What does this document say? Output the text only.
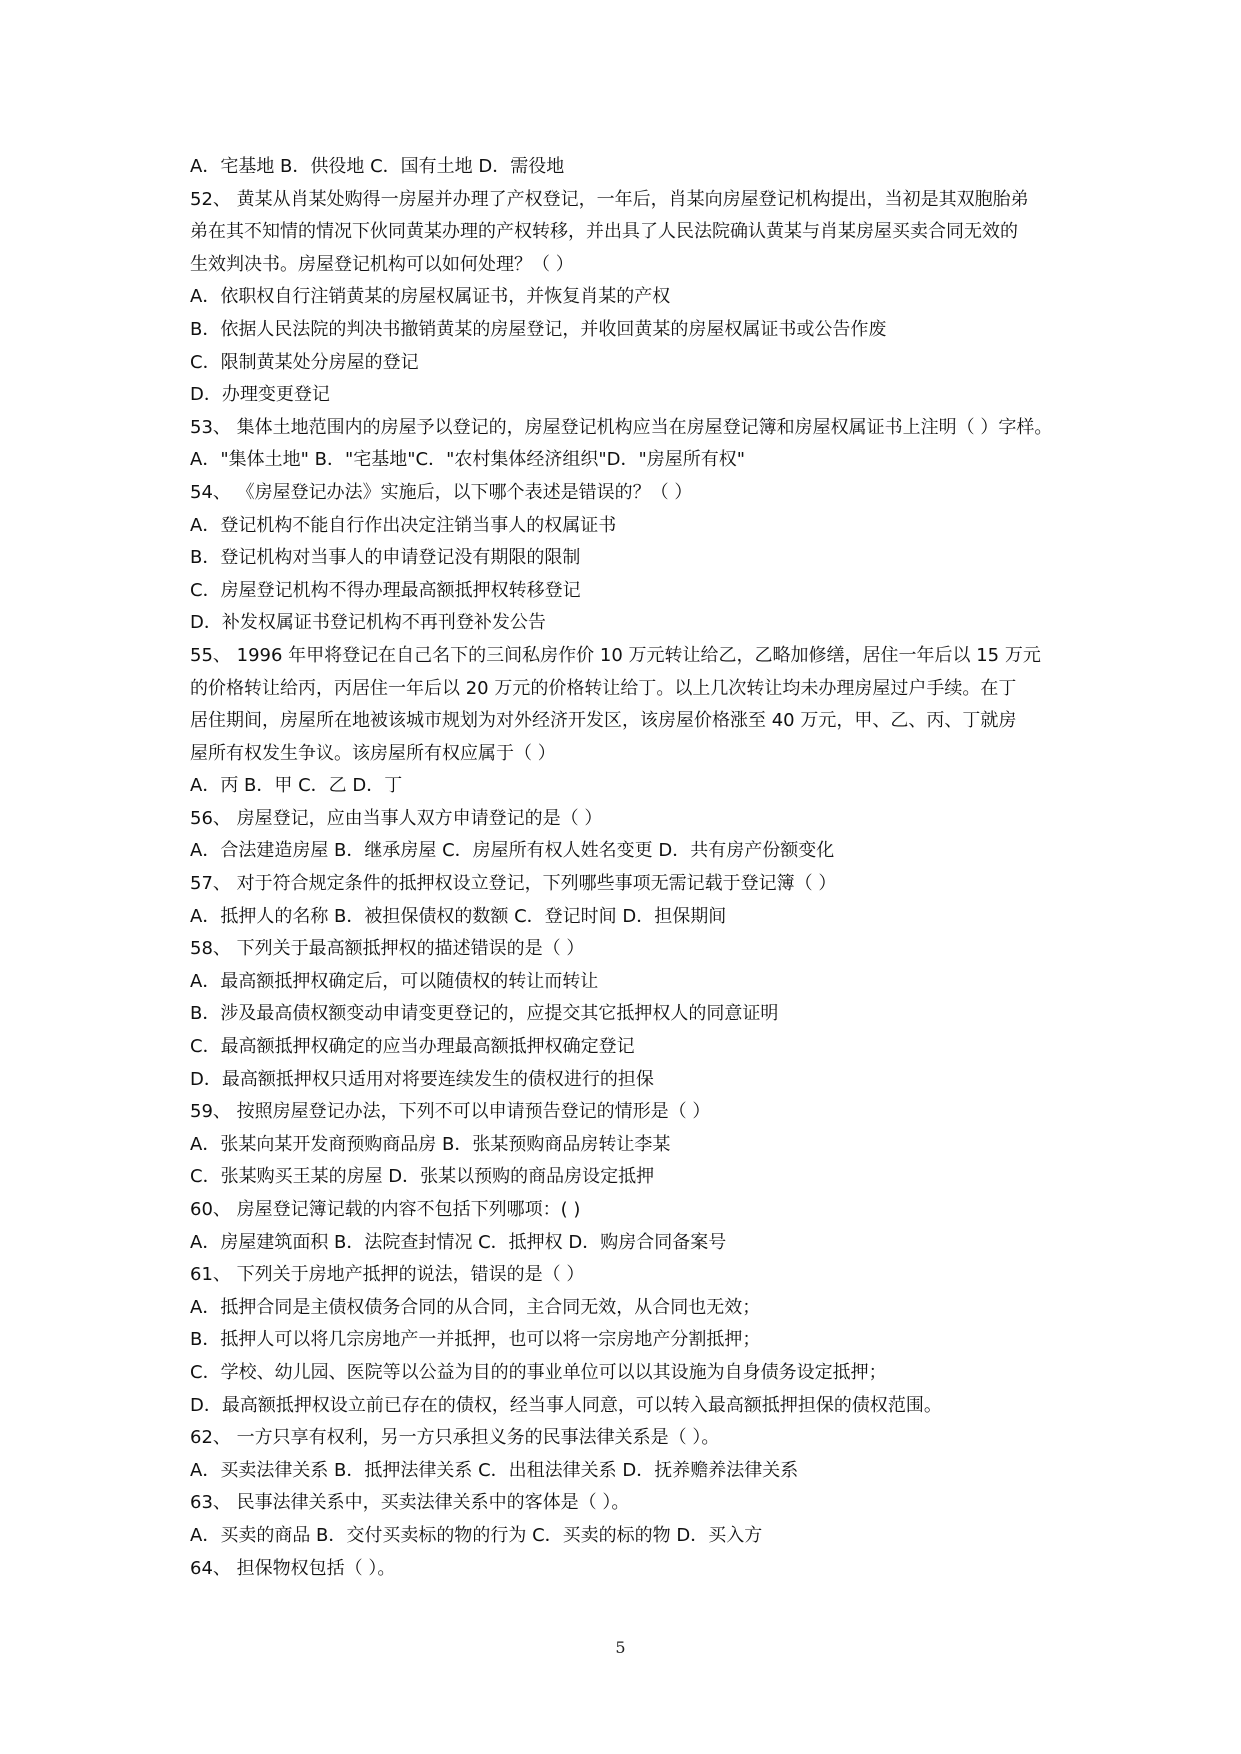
A．宅基地 B．供役地 C．国有土地 D．需役地
52、 黄某从肖某处购得一房屋并办理了产权登记，一年后，肖某向房屋登记机构提出，当初是其双胞胎弟
弟在其不知情的情况下伙同黄某办理的产权转移，并出具了人民法院确认黄某与肖某房屋买卖合同无效的
生效判决书。房屋登记机构可以如何处理？（ ）
A．依职权自行注销黄某的房屋权属证书，并恢复肖某的产权
B．依据人民法院的判决书撤销黄某的房屋登记，并收回黄某的房屋权属证书或公告作废
C．限制黄某处分房屋的登记
D．办理变更登记
53、 集体土地范围内的房屋予以登记的，房屋登记机构应当在房屋登记簿和房屋权属证书上注明（ ）字样。
A．"集体土地" B．"宅基地"C．"农村集体经济组织"D．"房屋所有权"
54、 《房屋登记办法》实施后，以下哪个表述是错误的？（ ）
A．登记机构不能自行作出决定注销当事人的权属证书
B．登记机构对当事人的申请登记没有期限的限制
C．房屋登记机构不得办理最高额抵押权转移登记
D．补发权属证书登记机构不再刊登补发公告
55、 1996 年甲将登记在自己名下的三间私房作价 10 万元转让给乙，乙略加修缮，居住一年后以 15 万元
的价格转让给丙，丙居住一年后以 20 万元的价格转让给丁。以上几次转让均未办理房屋过户手续。在丁
居住期间，房屋所在地被该城市规划为对外经济开发区，该房屋价格涨至 40 万元，甲、乙、丙、丁就房
屋所有权发生争议。该房屋所有权应属于（ ）
A．丙 B．甲 C．乙 D．丁
56、 房屋登记，应由当事人双方申请登记的是（ ）
A．合法建造房屋 B．继承房屋 C．房屋所有权人姓名变更 D．共有房产份额变化
57、 对于符合规定条件的抵押权设立登记，下列哪些事项无需记载于登记簿（ ）
A．抵押人的名称 B．被担保债权的数额 C．登记时间 D．担保期间
58、 下列关于最高额抵押权的描述错误的是（ ）
A．最高额抵押权确定后，可以随债权的转让而转让
B．涉及最高债权额变动申请变更登记的，应提交其它抵押权人的同意证明
C．最高额抵押权确定的应当办理最高额抵押权确定登记
D．最高额抵押权只适用对将要连续发生的债权进行的担保
59、 按照房屋登记办法，下列不可以申请预告登记的情形是（ ）
A．张某向某开发商预购商品房 B．张某预购商品房转让李某
C．张某购买王某的房屋 D．张某以预购的商品房设定抵押
60、 房屋登记簿记载的内容不包括下列哪项：( )
A．房屋建筑面积 B．法院查封情况 C．抵押权 D．购房合同备案号
61、 下列关于房地产抵押的说法，错误的是（ ）
A．抵押合同是主债权债务合同的从合同，主合同无效，从合同也无效；
B．抵押人可以将几宗房地产一并抵押，也可以将一宗房地产分割抵押；
C．学校、幼儿园、医院等以公益为目的的事业单位可以以其设施为自身债务设定抵押；
D．最高额抵押权设立前已存在的债权，经当事人同意，可以转入最高额抵押担保的债权范围。
62、 一方只享有权利，另一方只承担义务的民事法律关系是（ ）。
A．买卖法律关系 B．抵押法律关系 C．出租法律关系 D．抚养赡养法律关系
63、 民事法律关系中，买卖法律关系中的客体是（ ）。
A．买卖的商品 B．交付买卖标的物的行为 C．买卖的标的物 D．买入方
64、 担保物权包括（ ）。
5
